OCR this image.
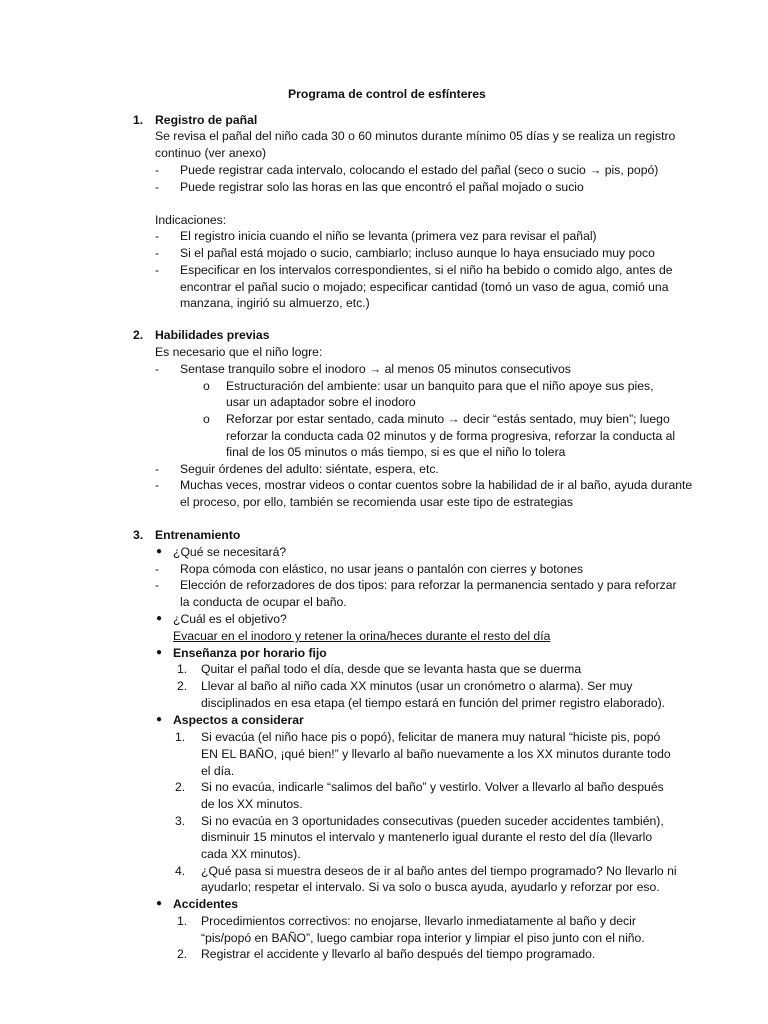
Programa de control de esfínteres
1. Registro de pañal
Se revisa el pañal del niño cada 30 o 60 minutos durante mínimo 05 días y se realiza un registro
continuo (ver anexo)
- Puede registrar cada intervalo, colocando el estado del pañal (seco o sucio → pis, popó)
- Puede registrar solo las horas en las que encontró el pañal mojado o sucio
Indicaciones:
- El registro inicia cuando el niño se levanta (primera vez para revisar el pañal)
- Si el pañal está mojado o sucio, cambiarlo; incluso aunque lo haya ensuciado muy poco
- Especificar en los intervalos correspondientes, si el niño ha bebido o comido algo, antes de
encontrar el pañal sucio o mojado; especificar cantidad (tomó un vaso de agua, comió una
manzana, ingirió su almuerzo, etc.)
2. Habilidades previas
Es necesario que el niño logre:
- Sentase tranquilo sobre el inodoro → al menos 05 minutos consecutivos
o Estructuración del ambiente: usar un banquito para que el niño apoye sus pies,
usar un adaptador sobre el inodoro
o Reforzar por estar sentado, cada minuto → decir “estás sentado, muy bien”; luego
reforzar la conducta cada 02 minutos y de forma progresiva, reforzar la conducta al
final de los 05 minutos o más tiempo, si es que el niño lo tolera
- Seguir órdenes del adulto: siéntate, espera, etc.
- Muchas veces, mostrar videos o contar cuentos sobre la habilidad de ir al baño, ayuda durante
el proceso, por ello, también se recomienda usar este tipo de estrategias
3. Entrenamiento
● ¿Qué se necesitará?
- Ropa cómoda con elástico, no usar jeans o pantalón con cierres y botones
- Elección de reforzadores de dos tipos: para reforzar la permanencia sentado y para reforzar
la conducta de ocupar el baño.
● ¿Cuál es el objetivo?
Evacuar en el inodoro y retener la orina/heces durante el resto del día
● Enseñanza por horario fijo
1. Quitar el pañal todo el día, desde que se levanta hasta que se duerma
2. Llevar al baño al niño cada XX minutos (usar un cronómetro o alarma). Ser muy
disciplinados en esa etapa (el tiempo estará en función del primer registro elaborado).
● Aspectos a considerar
1. Si evacúa (el niño hace pis o popó), felicitar de manera muy natural “hiciste pis, popó
EN EL BAÑO, ¡qué bien!” y llevarlo al baño nuevamente a los XX minutos durante todo
el día.
2. Si no evacúa, indicarle “salimos del baño” y vestirlo. Volver a llevarlo al baño después
de los XX minutos.
3. Si no evacúa en 3 oportunidades consecutivas (pueden suceder accidentes también),
disminuir 15 minutos el intervalo y mantenerlo igual durante el resto del día (llevarlo
cada XX minutos).
4. ¿Qué pasa si muestra deseos de ir al baño antes del tiempo programado? No llevarlo ni
ayudarlo; respetar el intervalo. Si va solo o busca ayuda, ayudarlo y reforzar por eso.
● Accidentes
1. Procedimientos correctivos: no enojarse, llevarlo inmediatamente al baño y decir
“pis/popó en BAÑO”, luego cambiar ropa interior y limpiar el piso junto con el niño.
2. Registrar el accidente y llevarlo al baño después del tiempo programado.
